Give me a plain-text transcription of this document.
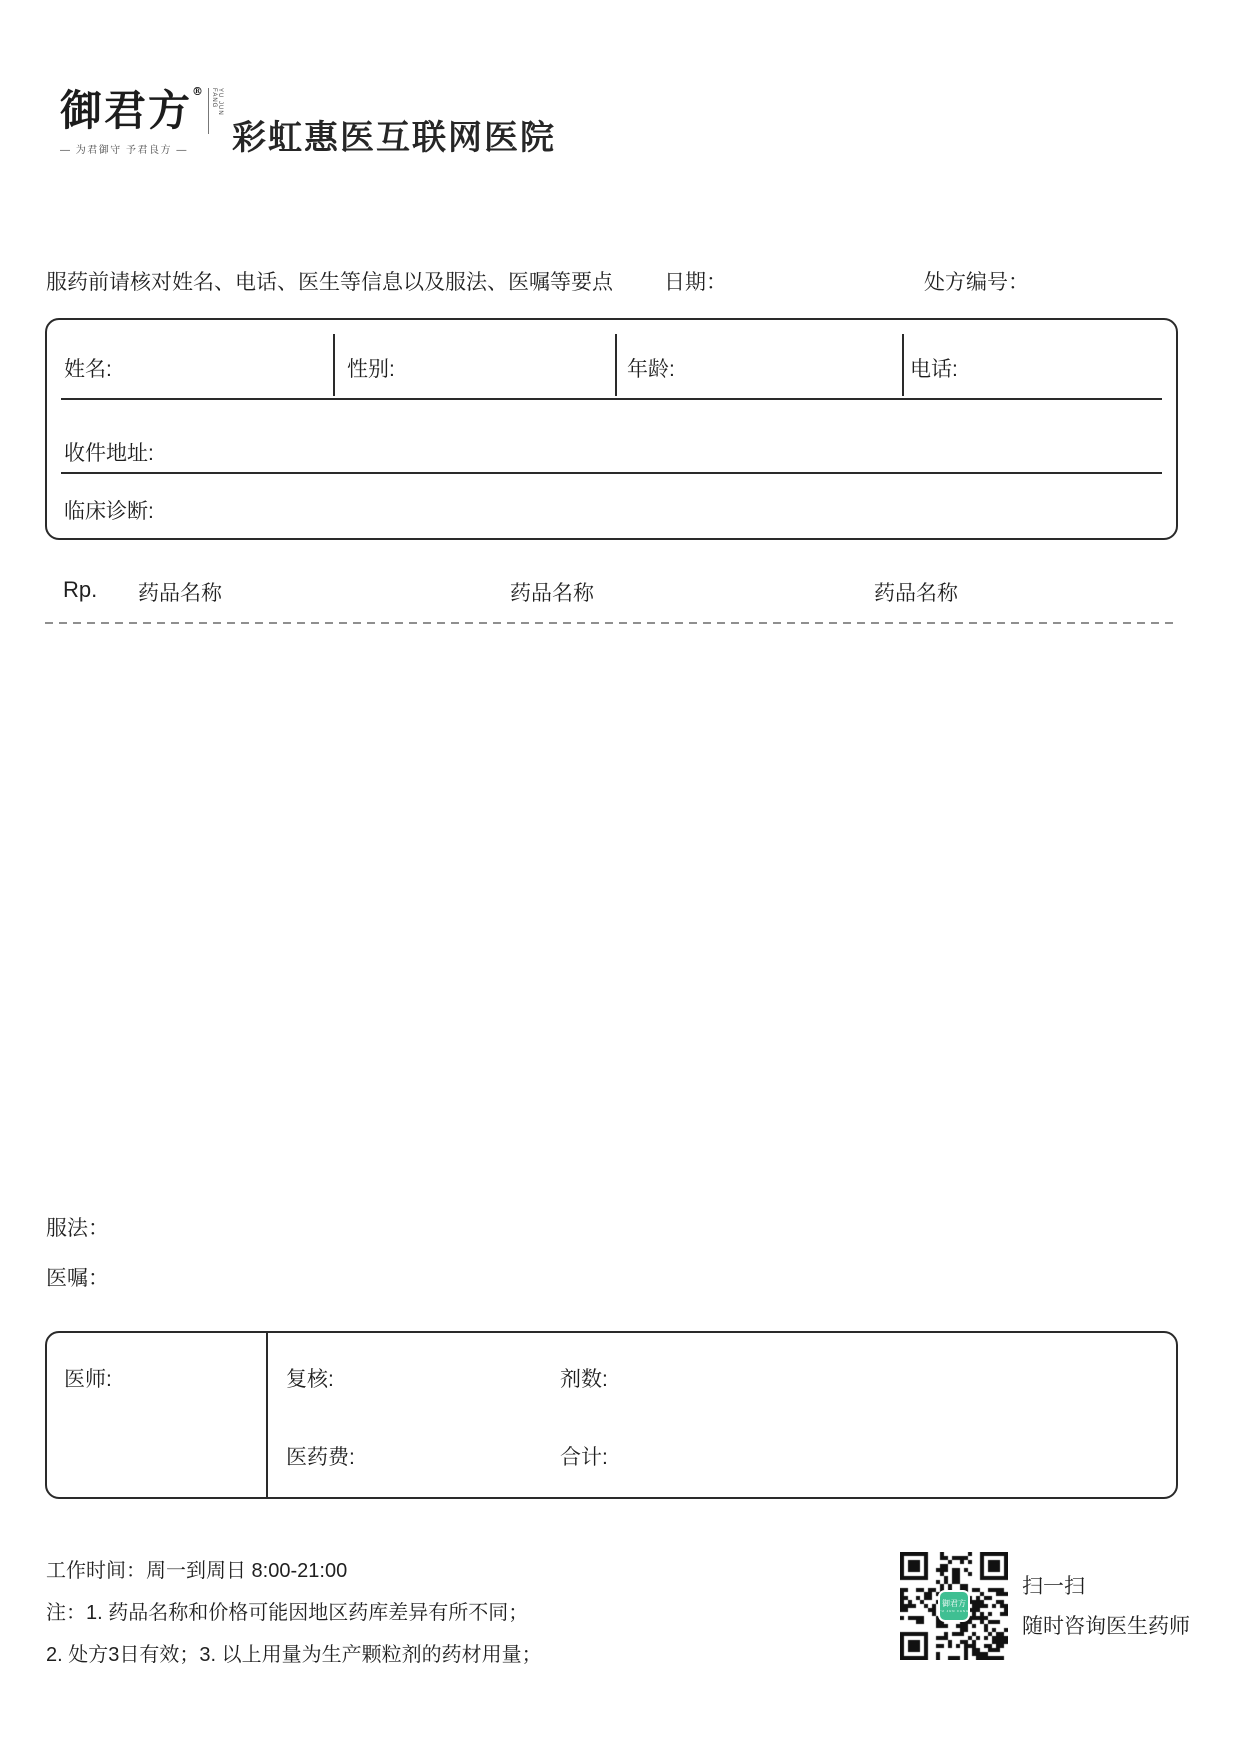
御君方®	YU JUN FANG
— 为君御守 予君良方 —	彩虹惠医互联网医院
服药前请核对姓名、电话、医生等信息以及服法、医嘱等要点 日期：	处方编号：
姓名:	性别:	年龄:	电话:
收件地址:
临床诊断:
Rp. 药品名称	药品名称	药品名称
服法：
医嘱：
医师:	复核:	剂数:
医药费:	合计:
工作时间：周一到周日 8:00-21:00
注：1. 药品名称和价格可能因地区药库差异有所不同；
2. 处方3日有效；3. 以上用量为生产颗粒剂的药材用量；
御君方
YU JUN FANG
扫一扫
随时咨询医生药师
